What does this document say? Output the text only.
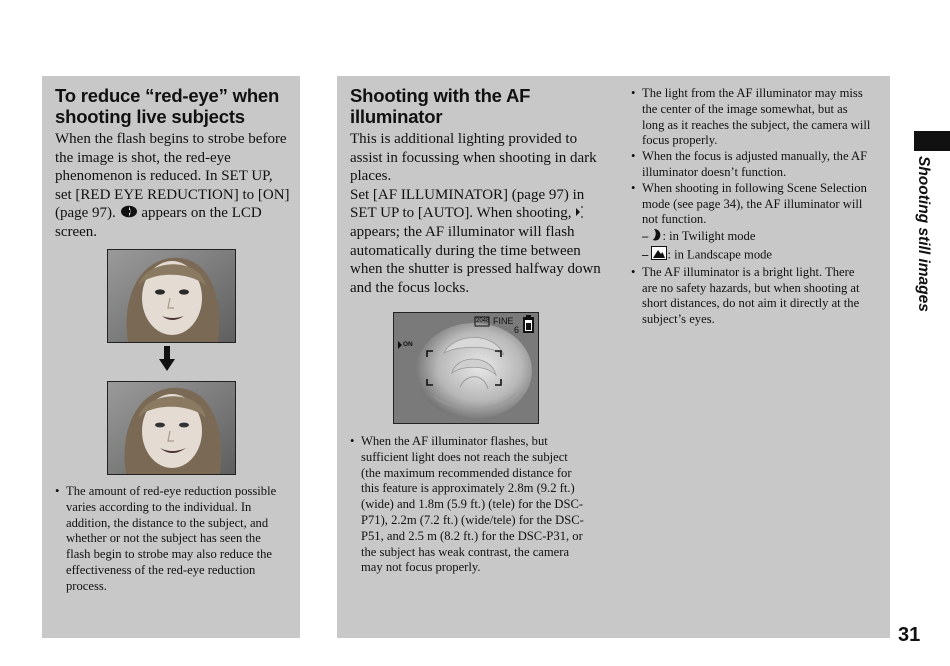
Shooting still images
31
To reduce “red-eye” when
shooting live subjects
When the flash begins to strobe before
the image is shot, the red-eye
phenomenon is reduced. In SET UP,
set [RED EYE REDUCTION] to [ON]
(page 97). appears on the LCD
screen.
• The amount of red-eye reduction possible
varies according to the individual. In
addition, the distance to the subject, and
whether or not the subject has seen the
flash begin to strobe may also reduce the
effectiveness of the red-eye reduction
process.
Shooting with the AF
illuminator
This is additional lighting provided to
assist in focussing when shooting in dark
places.
Set [AF ILLUMINATOR] (page 97) in
SET UP to [AUTO]. When shooting,
appears; the AF illuminator will flash
automatically during the time between
when the shutter is pressed halfway down
and the focus locks.
2048 FINE
6
ON
• When the AF illuminator flashes, but
sufficient light does not reach the subject
(the maximum recommended distance for
this feature is approximately 2.8m (9.2 ft.)
(wide) and 1.8m (5.9 ft.) (tele) for the DSC-
P71), 2.2m (7.2 ft.) (wide/tele) for the DSC-
P51, and 2.5 m (8.2 ft.) for the DSC-P31, or
the subject has weak contrast, the camera
may not focus properly.
• The light from the AF illuminator may miss
the center of the image somewhat, but as
long as it reaches the subject, the camera will
focus properly.
• When the focus is adjusted manually, the AF
illuminator doesn’t function.
• When shooting in following Scene Selection
mode (see page 34), the AF illuminator will
not function.
– : in Twilight mode
– : in Landscape mode
• The AF illuminator is a bright light. There
are no safety hazards, but when shooting at
short distances, do not aim it directly at the
subject’s eyes.
